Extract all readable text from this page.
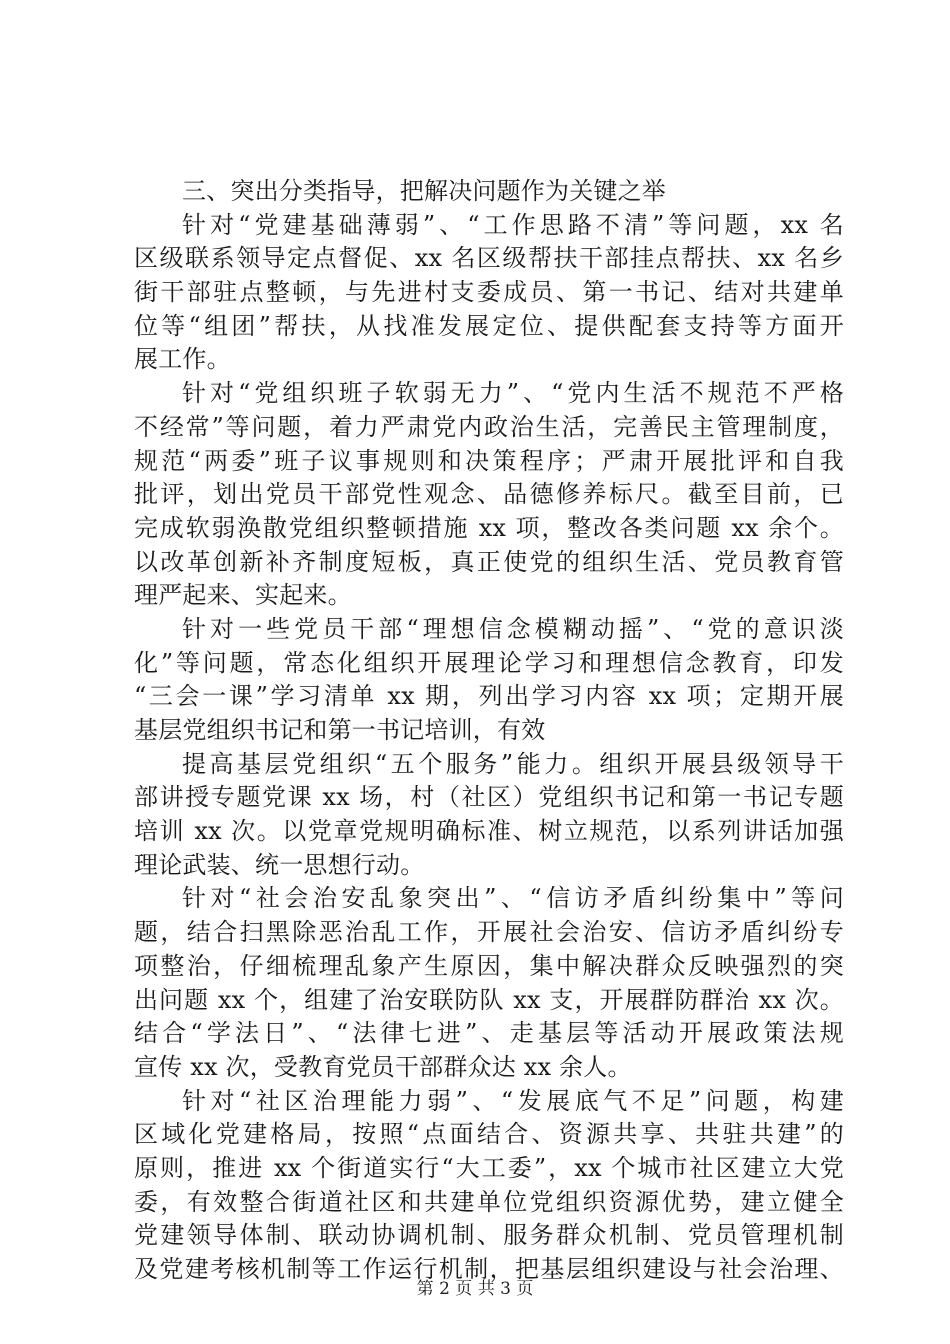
三、突出分类指导，把解决问题作为关键之举
针对“党建基础薄弱”、“工作思路不清”等问题，xx 名
区级联系领导定点督促、xx 名区级帮扶干部挂点帮扶、xx 名乡
街干部驻点整顿，与先进村支委成员、第一书记、结对共建单
位等“组团”帮扶，从找准发展定位、提供配套支持等方面开
展工作。
针对“党组织班子软弱无力”、“党内生活不规范不严格
不经常”等问题，着力严肃党内政治生活，完善民主管理制度，
规范“两委”班子议事规则和决策程序；严肃开展批评和自我
批评，划出党员干部党性观念、品德修养标尺。截至目前，已
完成软弱涣散党组织整顿措施 xx 项，整改各类问题 xx 余个。
以改革创新补齐制度短板，真正使党的组织生活、党员教育管
理严起来、实起来。
针对一些党员干部“理想信念模糊动摇”、“党的意识淡
化”等问题，常态化组织开展理论学习和理想信念教育，印发
“三会一课”学习清单 xx 期，列出学习内容 xx 项；定期开展
基层党组织书记和第一书记培训，有效
提高基层党组织“五个服务”能力。组织开展县级领导干
部讲授专题党课 xx 场，村（社区）党组织书记和第一书记专题
培训 xx 次。以党章党规明确标准、树立规范，以系列讲话加强
理论武装、统一思想行动。
针对“社会治安乱象突出”、“信访矛盾纠纷集中”等问
题，结合扫黑除恶治乱工作，开展社会治安、信访矛盾纠纷专
项整治，仔细梳理乱象产生原因，集中解决群众反映强烈的突
出问题 xx 个，组建了治安联防队 xx 支，开展群防群治 xx 次。
结合“学法日”、“法律七进”、走基层等活动开展政策法规
宣传 xx 次，受教育党员干部群众达 xx 余人。
针对“社区治理能力弱”、“发展底气不足”问题，构建
区域化党建格局，按照“点面结合、资源共享、共驻共建”的
原则，推进 xx 个街道实行“大工委”，xx 个城市社区建立大党
委，有效整合街道社区和共建单位党组织资源优势，建立健全
党建领导体制、联动协调机制、服务群众机制、党员管理机制
及党建考核机制等工作运行机制，把基层组织建设与社会治理、
第 2 页 共 3 页
